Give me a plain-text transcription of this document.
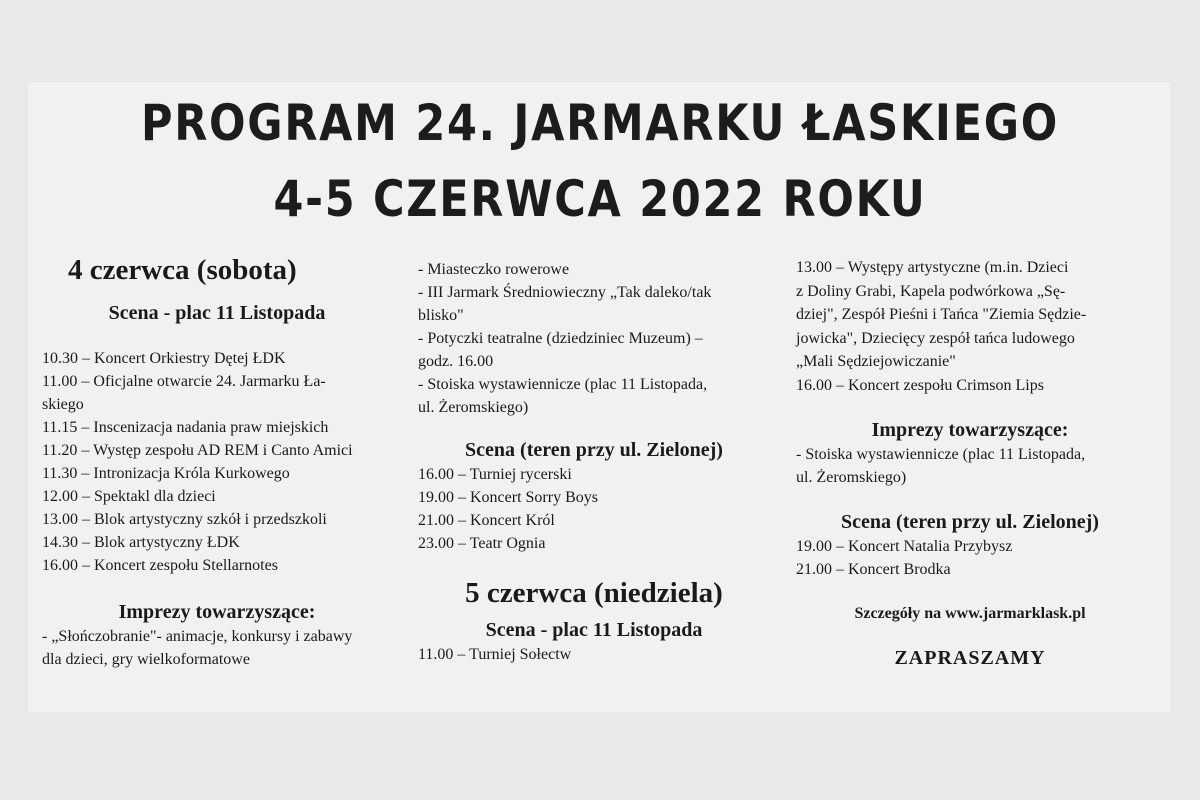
PROGRAM 24. JARMARKU ŁASKIEGO
4-5 CZERWCA 2022 ROKU

4 czerwca (sobota)

Scena - plac 11 Listopada

10.30 – Koncert Orkiestry Dętej ŁDK

11.00 – Oficjalne otwarcie 24. Jarmarku Ła-

skiego

11.15 – Inscenizacja nadania praw miejskich

11.20 – Występ zespołu AD REM i Canto Amici

11.30 – Intronizacja Króla Kurkowego

12.00 – Spektakl dla dzieci

13.00 – Blok artystyczny szkół i przedszkoli

14.30 – Blok artystyczny ŁDK

16.00 – Koncert zespołu Stellarnotes

Imprezy towarzyszące:

- „Słończobranie"- animacje, konkursy i zabawy

dla dzieci, gry wielkoformatowe

- Miasteczko rowerowe

- III Jarmark Średniowieczny „Tak daleko/tak

blisko"

- Potyczki teatralne (dziedziniec Muzeum) –

godz. 16.00

- Stoiska wystawiennicze (plac 11 Listopada,

ul. Żeromskiego)

Scena (teren przy ul. Zielonej)

16.00 – Turniej rycerski

19.00 – Koncert Sorry Boys

21.00 – Koncert Król

23.00 – Teatr Ognia

5 czerwca (niedziela)

Scena - plac 11 Listopada

11.00 – Turniej Sołectw

13.00 – Występy artystyczne (m.in. Dzieci

z Doliny Grabi, Kapela podwórkowa „Sę-

dziej", Zespół Pieśni i Tańca "Ziemia Sędzie-

jowicka", Dziecięcy zespół tańca ludowego

„Mali Sędziejowiczanie"

16.00 – Koncert zespołu Crimson Lips

Imprezy towarzyszące:

- Stoiska wystawiennicze (plac 11 Listopada,

ul. Żeromskiego)

Scena (teren przy ul. Zielonej)

19.00 – Koncert Natalia Przybysz

21.00 – Koncert Brodka

Szczegóły na www.jarmarklask.pl

ZAPRASZAMY
